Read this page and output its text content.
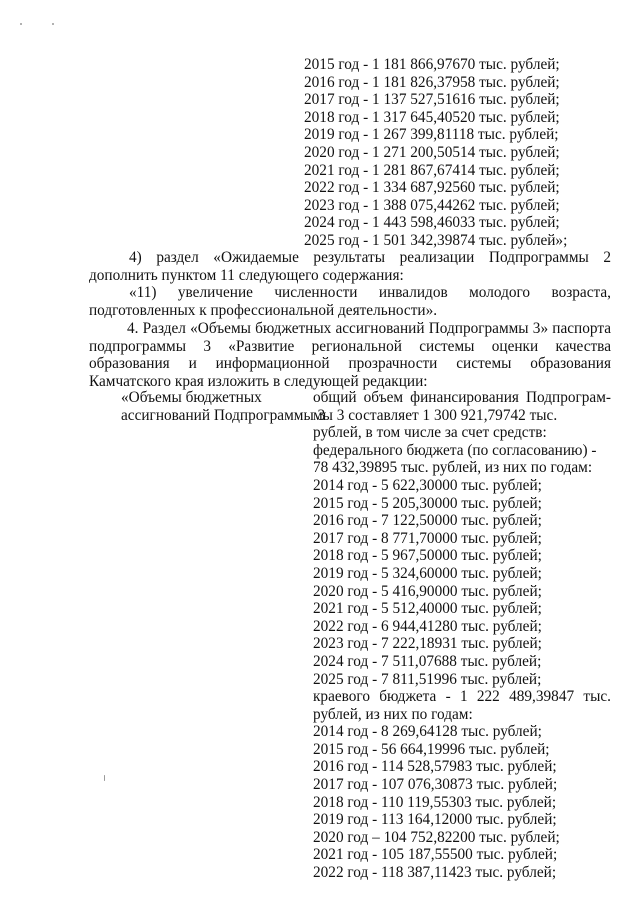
2015 год - 1 181 866,97670 тыс. рублей;
2016 год - 1 181 826,37958 тыс. рублей;
2017 год - 1 137 527,51616 тыс. рублей;
2018 год - 1 317 645,40520 тыс. рублей;
2019 год - 1 267 399,81118 тыс. рублей;
2020 год - 1 271 200,50514 тыс. рублей;
2021 год - 1 281 867,67414 тыс. рублей;
2022 год - 1 334 687,92560 тыс. рублей;
2023 год - 1 388 075,44262 тыс. рублей;
2024 год - 1 443 598,46033 тыс. рублей;
2025 год - 1 501 342,39874 тыс. рублей»;
4) раздел «Ожидаемые результаты реализации Подпрограммы 2
дополнить пунктом 11 следующего содержания:
«11) увеличение численности инвалидов молодого возраста,
подготовленных к профессиональной деятельности».
4. Раздел «Объемы бюджетных ассигнований Подпрограммы 3» паспорта
подпрограммы 3 «Развитие региональной системы оценки качества
образования и информационной прозрачности системы образования
Камчатского края изложить в следующей редакции:
«Объемы бюджетных
ассигнований Подпрограммы 3
общий объем финансирования Подпрограм-
мы 3 составляет 1 300 921,79742 тыс.
рублей, в том числе за счет средств:
федерального бюджета (по согласованию) -
78 432,39895 тыс. рублей, из них по годам:
2014 год - 5 622,30000 тыс. рублей;
2015 год - 5 205,30000 тыс. рублей;
2016 год - 7 122,50000 тыс. рублей;
2017 год - 8 771,70000 тыс. рублей;
2018 год - 5 967,50000 тыс. рублей;
2019 год - 5 324,60000 тыс. рублей;
2020 год - 5 416,90000 тыс. рублей;
2021 год - 5 512,40000 тыс. рублей;
2022 год - 6 944,41280 тыс. рублей;
2023 год - 7 222,18931 тыс. рублей;
2024 год - 7 511,07688 тыс. рублей;
2025 год - 7 811,51996 тыс. рублей;
краевого бюджета - 1 222 489,39847 тыс.
рублей, из них по годам:
2014 год - 8 269,64128 тыс. рублей;
2015 год - 56 664,19996 тыс. рублей;
2016 год - 114 528,57983 тыс. рублей;
2017 год - 107 076,30873 тыс. рублей;
2018 год - 110 119,55303 тыс. рублей;
2019 год - 113 164,12000 тыс. рублей;
2020 год – 104 752,82200 тыс. рублей;
2021 год - 105 187,55500 тыс. рублей;
2022 год - 118 387,11423 тыс. рублей;
